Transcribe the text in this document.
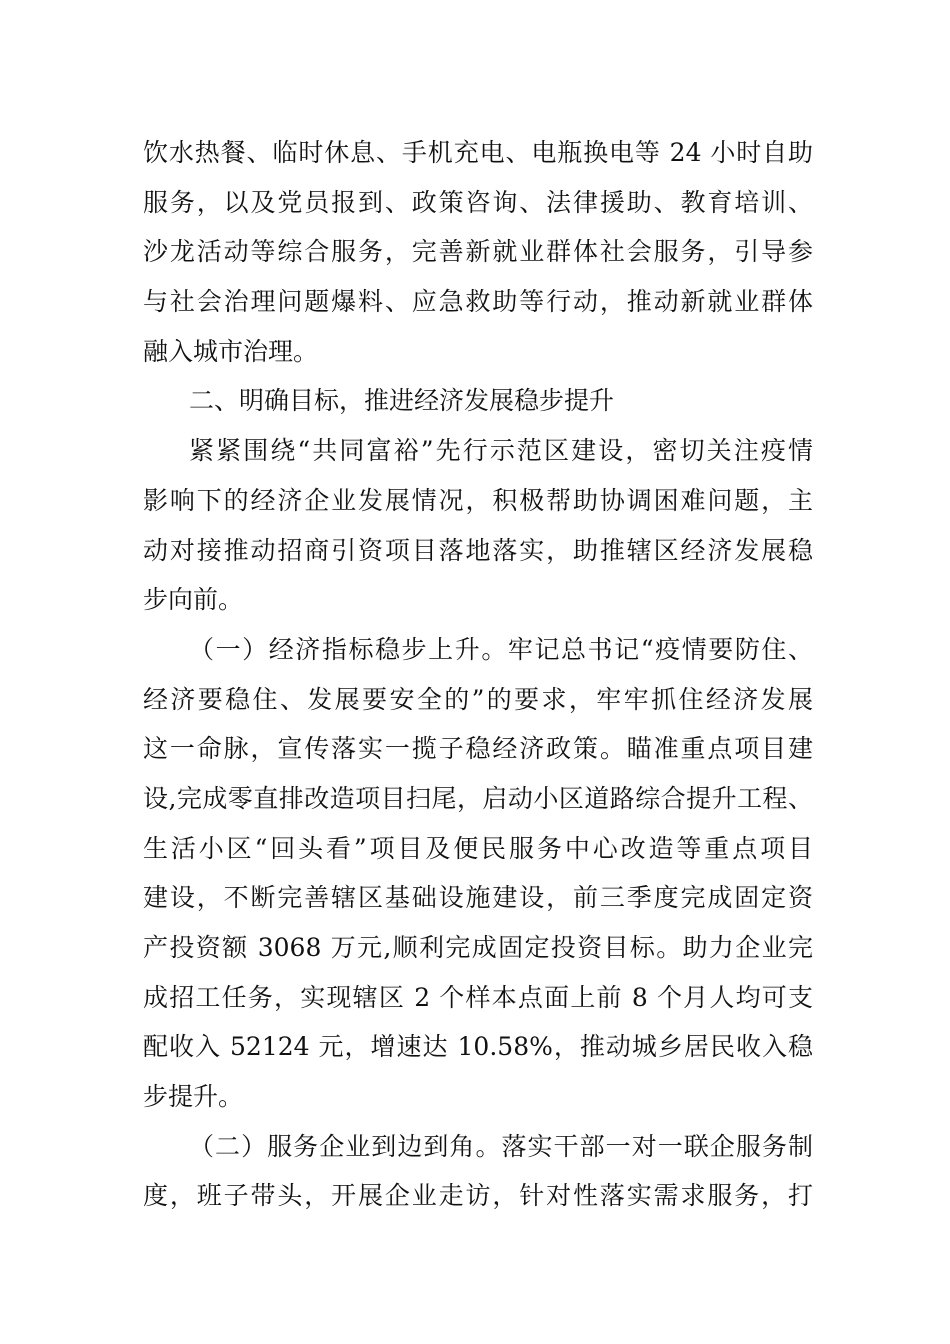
饮水热餐、临时休息、手机充电、电瓶换电等 24 小时自助
服务，以及党员报到、政策咨询、法律援助、教育培训、
沙龙活动等综合服务，完善新就业群体社会服务，引导参
与社会治理问题爆料、应急救助等行动，推动新就业群体
融入城市治理。
二、明确目标，推进经济发展稳步提升
紧紧围绕“共同富裕”先行示范区建设，密切关注疫情
影响下的经济企业发展情况，积极帮助协调困难问题，主
动对接推动招商引资项目落地落实，助推辖区经济发展稳
步向前。
（一）经济指标稳步上升。牢记总书记“疫情要防住、
经济要稳住、发展要安全的”的要求，牢牢抓住经济发展
这一命脉，宣传落实一揽子稳经济政策。瞄准重点项目建
设,完成零直排改造项目扫尾，启动小区道路综合提升工程、
生活小区“回头看”项目及便民服务中心改造等重点项目
建设，不断完善辖区基础设施建设，前三季度完成固定资
产投资额 3068 万元,顺利完成固定投资目标。助力企业完
成招工任务，实现辖区 2 个样本点面上前 8 个月人均可支
配收入 52124 元，增速达 10.58%，推动城乡居民收入稳
步提升。
（二）服务企业到边到角。落实干部一对一联企服务制
度，班子带头，开展企业走访，针对性落实需求服务，打
